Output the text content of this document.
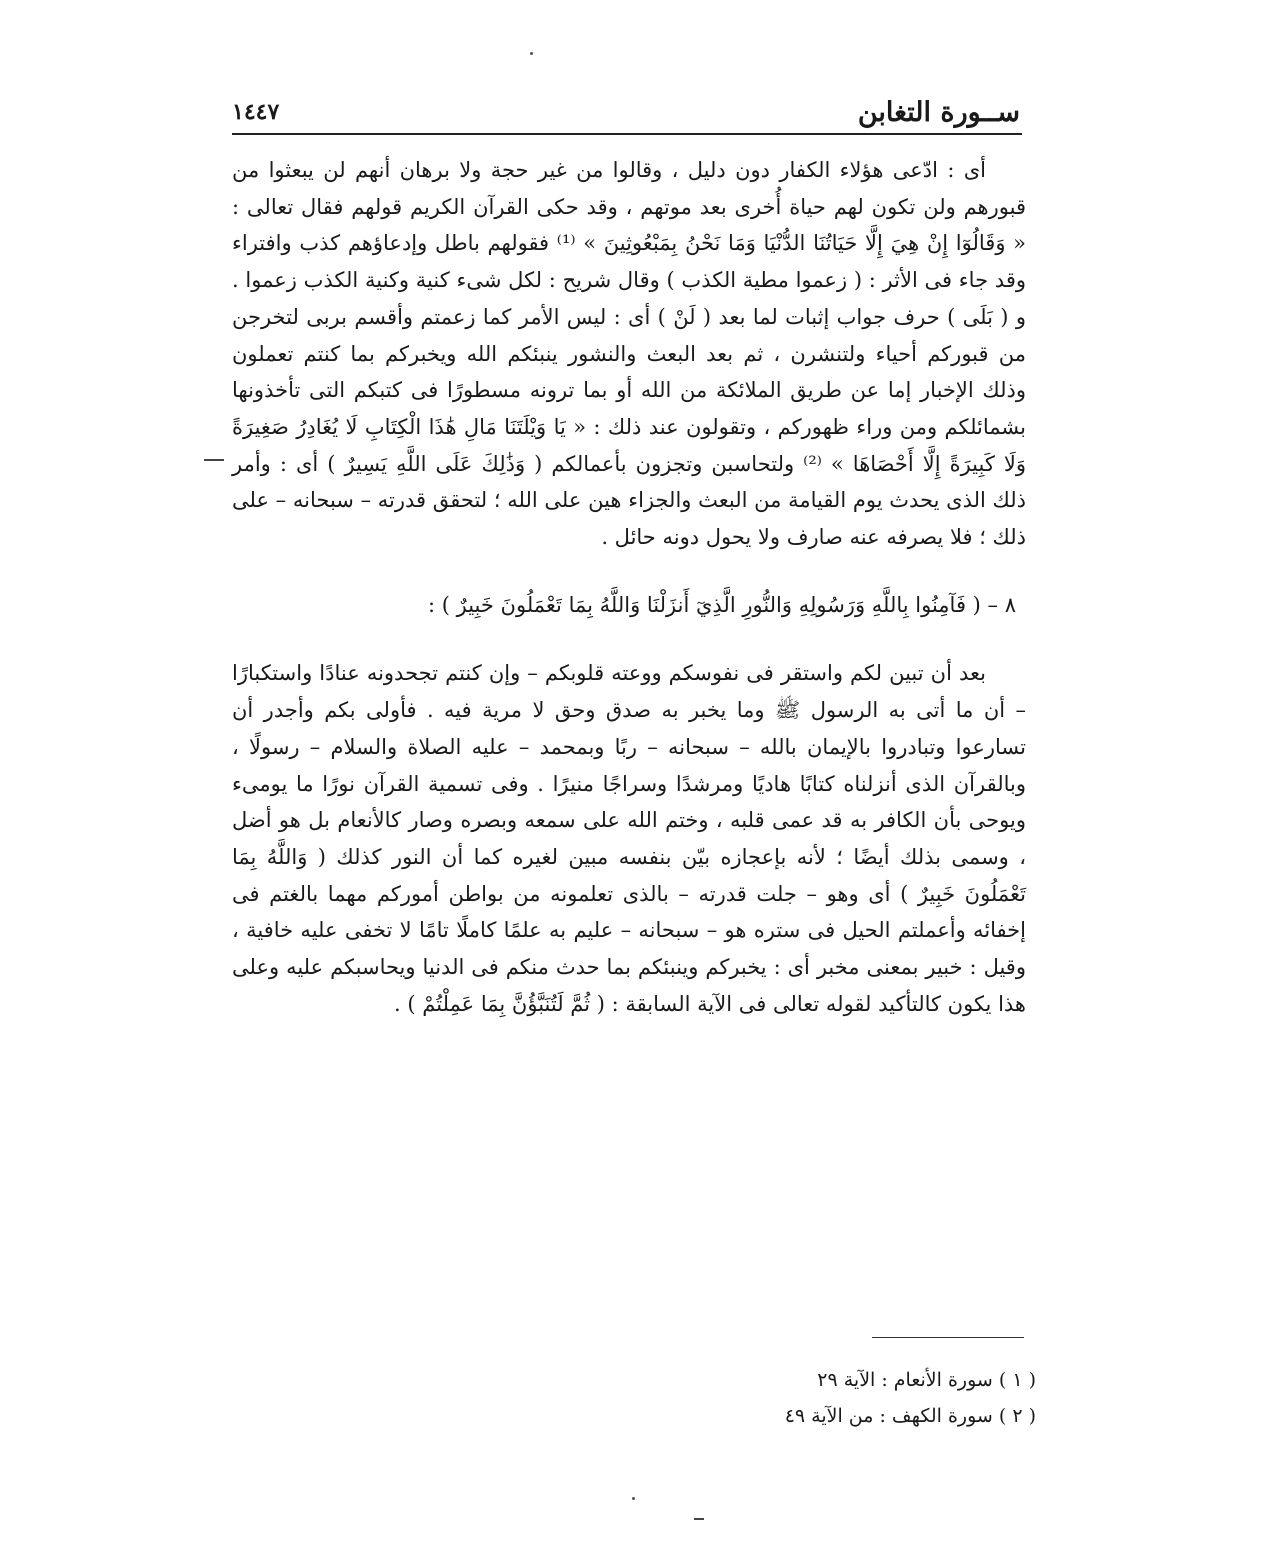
ســورة التغابن
١٤٤٧

أى : ادّعى هؤلاء الكفار دون دليل ، وقالوا من غير حجة ولا برهان أنهم لن يبعثوا من قبورهم ولن تكون لهم حياة أُخرى بعد موتهم ، وقد حكى القرآن الكريم قولهم فقال تعالى : « وَقَالُوٓا إِنْ هِيَ إِلَّا حَيَاتُنَا الدُّنْيَا وَمَا نَحْنُ بِمَبْعُوثِينَ » ⁽¹⁾ فقولهم باطل وإدعاؤهم كذب وافتراء وقد جاء فى الأثر : ( زعموا مطية الكذب ) وقال شريح : لكل شىء كنية وكنية الكذب زعموا . و ( بَلَى ) حرف جواب إثبات لما بعد ( لَنْ ) أى : ليس الأمر كما زعمتم وأقسم بربى لتخرجن من قبوركم أحياء ولتنشرن ، ثم بعد البعث والنشور ينبئكم الله ويخبركم بما كنتم تعملون وذلك الإخبار إما عن طريق الملائكة من الله أو بما ترونه مسطورًا فى كتبكم التى تأخذونها بشمائلكم ومن وراء ظهوركم ، وتقولون عند ذلك : « يَا وَيْلَتَنَا مَالِ هَٰذَا الْكِتَابِ لَا يُغَادِرُ صَغِيرَةً وَلَا كَبِيرَةً إِلَّا أَحْصَاهَا » ⁽²⁾ ولتحاسبن وتجزون بأعمالكم ( وَذَٰلِكَ عَلَى اللَّهِ يَسِيرٌ ) أى : وأمر ذلك الذى يحدث يوم القيامة من البعث والجزاء هين على الله ؛ لتحقق قدرته – سبحانه – على ذلك ؛ فلا يصرفه عنه صارف ولا يحول دونه حائل .

٨ – ( فَآمِنُوا بِاللَّهِ وَرَسُولِهِ وَالنُّورِ الَّذِيٓ أَنزَلْنَا وَاللَّهُ بِمَا تَعْمَلُونَ خَبِيرٌ ) :

بعد أن تبين لكم واستقر فى نفوسكم ووعته قلوبكم – وإن كنتم تجحدونه عنادًا واستكبارًا – أن ما أتى به الرسول ﷺ وما يخبر به صدق وحق لا مرية فيه . فأولى بكم وأجدر أن تسارعوا وتبادروا بالإيمان بالله – سبحانه – ربًا وبمحمد – عليه الصلاة والسلام – رسولًا ، وبالقرآن الذى أنزلناه كتابًا هاديًا ومرشدًا وسراجًا منيرًا . وفى تسمية القرآن نورًا ما يومىء ويوحى بأن الكافر به قد عمى قلبه ، وختم الله على سمعه وبصره وصار كالأنعام بل هو أضل ، وسمى بذلك أيضًا ؛ لأنه بإعجازه بيّن بنفسه مبين لغيره كما أن النور كذلك ( وَاللَّهُ بِمَا تَعْمَلُونَ خَبِيرٌ ) أى وهو – جلت قدرته – بالذى تعلمونه من بواطن أموركم مهما بالغتم فى إخفائه وأعملتم الحيل فى ستره هو – سبحانه – عليم به علمًا كاملًا تامًا لا تخفى عليه خافية ، وقيل : خبير بمعنى مخبر أى : يخبركم وينبئكم بما حدث منكم فى الدنيا ويحاسبكم عليه وعلى هذا يكون كالتأكيد لقوله تعالى فى الآية السابقة : ( ثُمَّ لَتُنَبَّؤُنَّ بِمَا عَمِلْتُمْ ) .

( ١ ) سورة الأنعام : الآية ٢٩

( ٢ ) سورة الكهف : من الآية ٤٩
